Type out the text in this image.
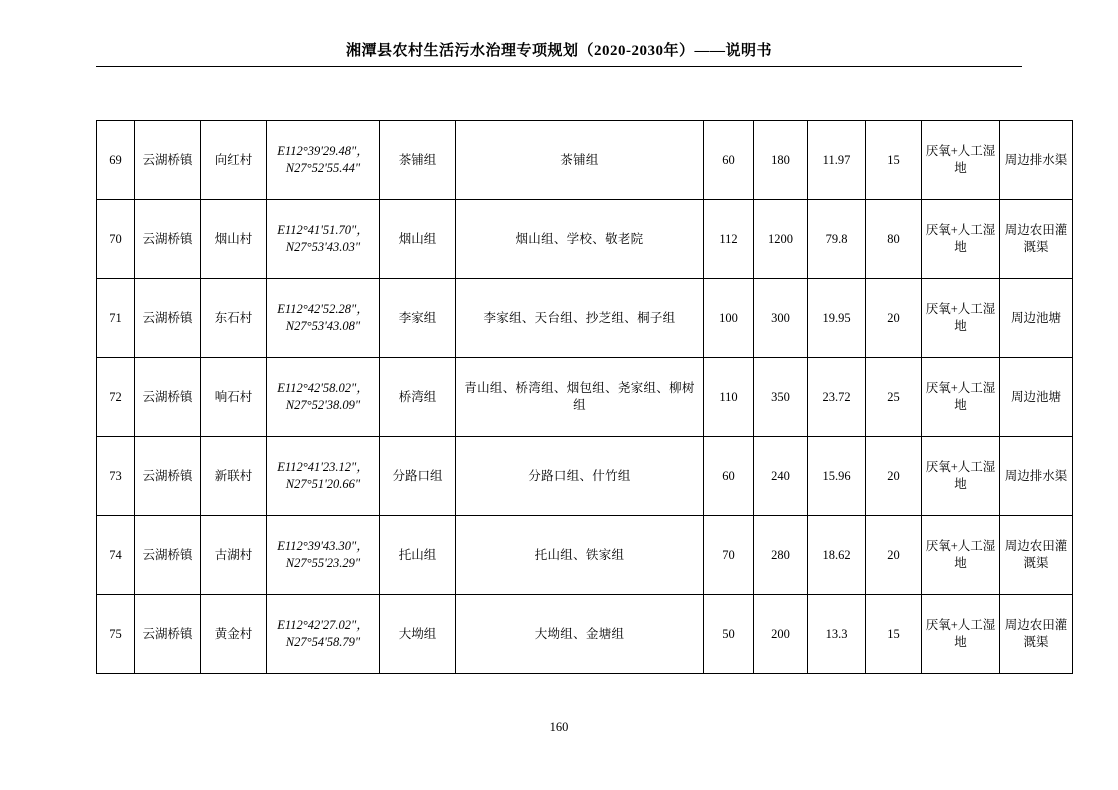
湘潭县农村生活污水治理专项规划（2020-2030年）——说明书
69	云湖桥镇	向红村	E112°39'29.48"，
N27°52'55.44"	茶铺组	茶铺组	60	180	11.97	15	厌氧+人工湿地	周边排水渠
70	云湖桥镇	烟山村	E112°41'51.70"，
N27°53'43.03"	烟山组	烟山组、学校、敬老院	112	1200	79.8	80	厌氧+人工湿地	周边农田灌溉渠
71	云湖桥镇	东石村	E112°42'52.28"，
N27°53'43.08"	李家组	李家组、天台组、抄芝组、桐子组	100	300	19.95	20	厌氧+人工湿地	周边池塘
72	云湖桥镇	响石村	E112°42'58.02"，
N27°52'38.09"	桥湾组	青山组、桥湾组、烟包组、尧家组、柳树组	110	350	23.72	25	厌氧+人工湿地	周边池塘
73	云湖桥镇	新联村	E112°41'23.12"，
N27°51'20.66"	分路口组	分路口组、什竹组	60	240	15.96	20	厌氧+人工湿地	周边排水渠
74	云湖桥镇	古湖村	E112°39'43.30"，
N27°55'23.29"	托山组	托山组、铁家组	70	280	18.62	20	厌氧+人工湿地	周边农田灌溉渠
75	云湖桥镇	黄金村	E112°42'27.02"，
N27°54'58.79"	大坳组	大坳组、金塘组	50	200	13.3	15	厌氧+人工湿地	周边农田灌溉渠
160
